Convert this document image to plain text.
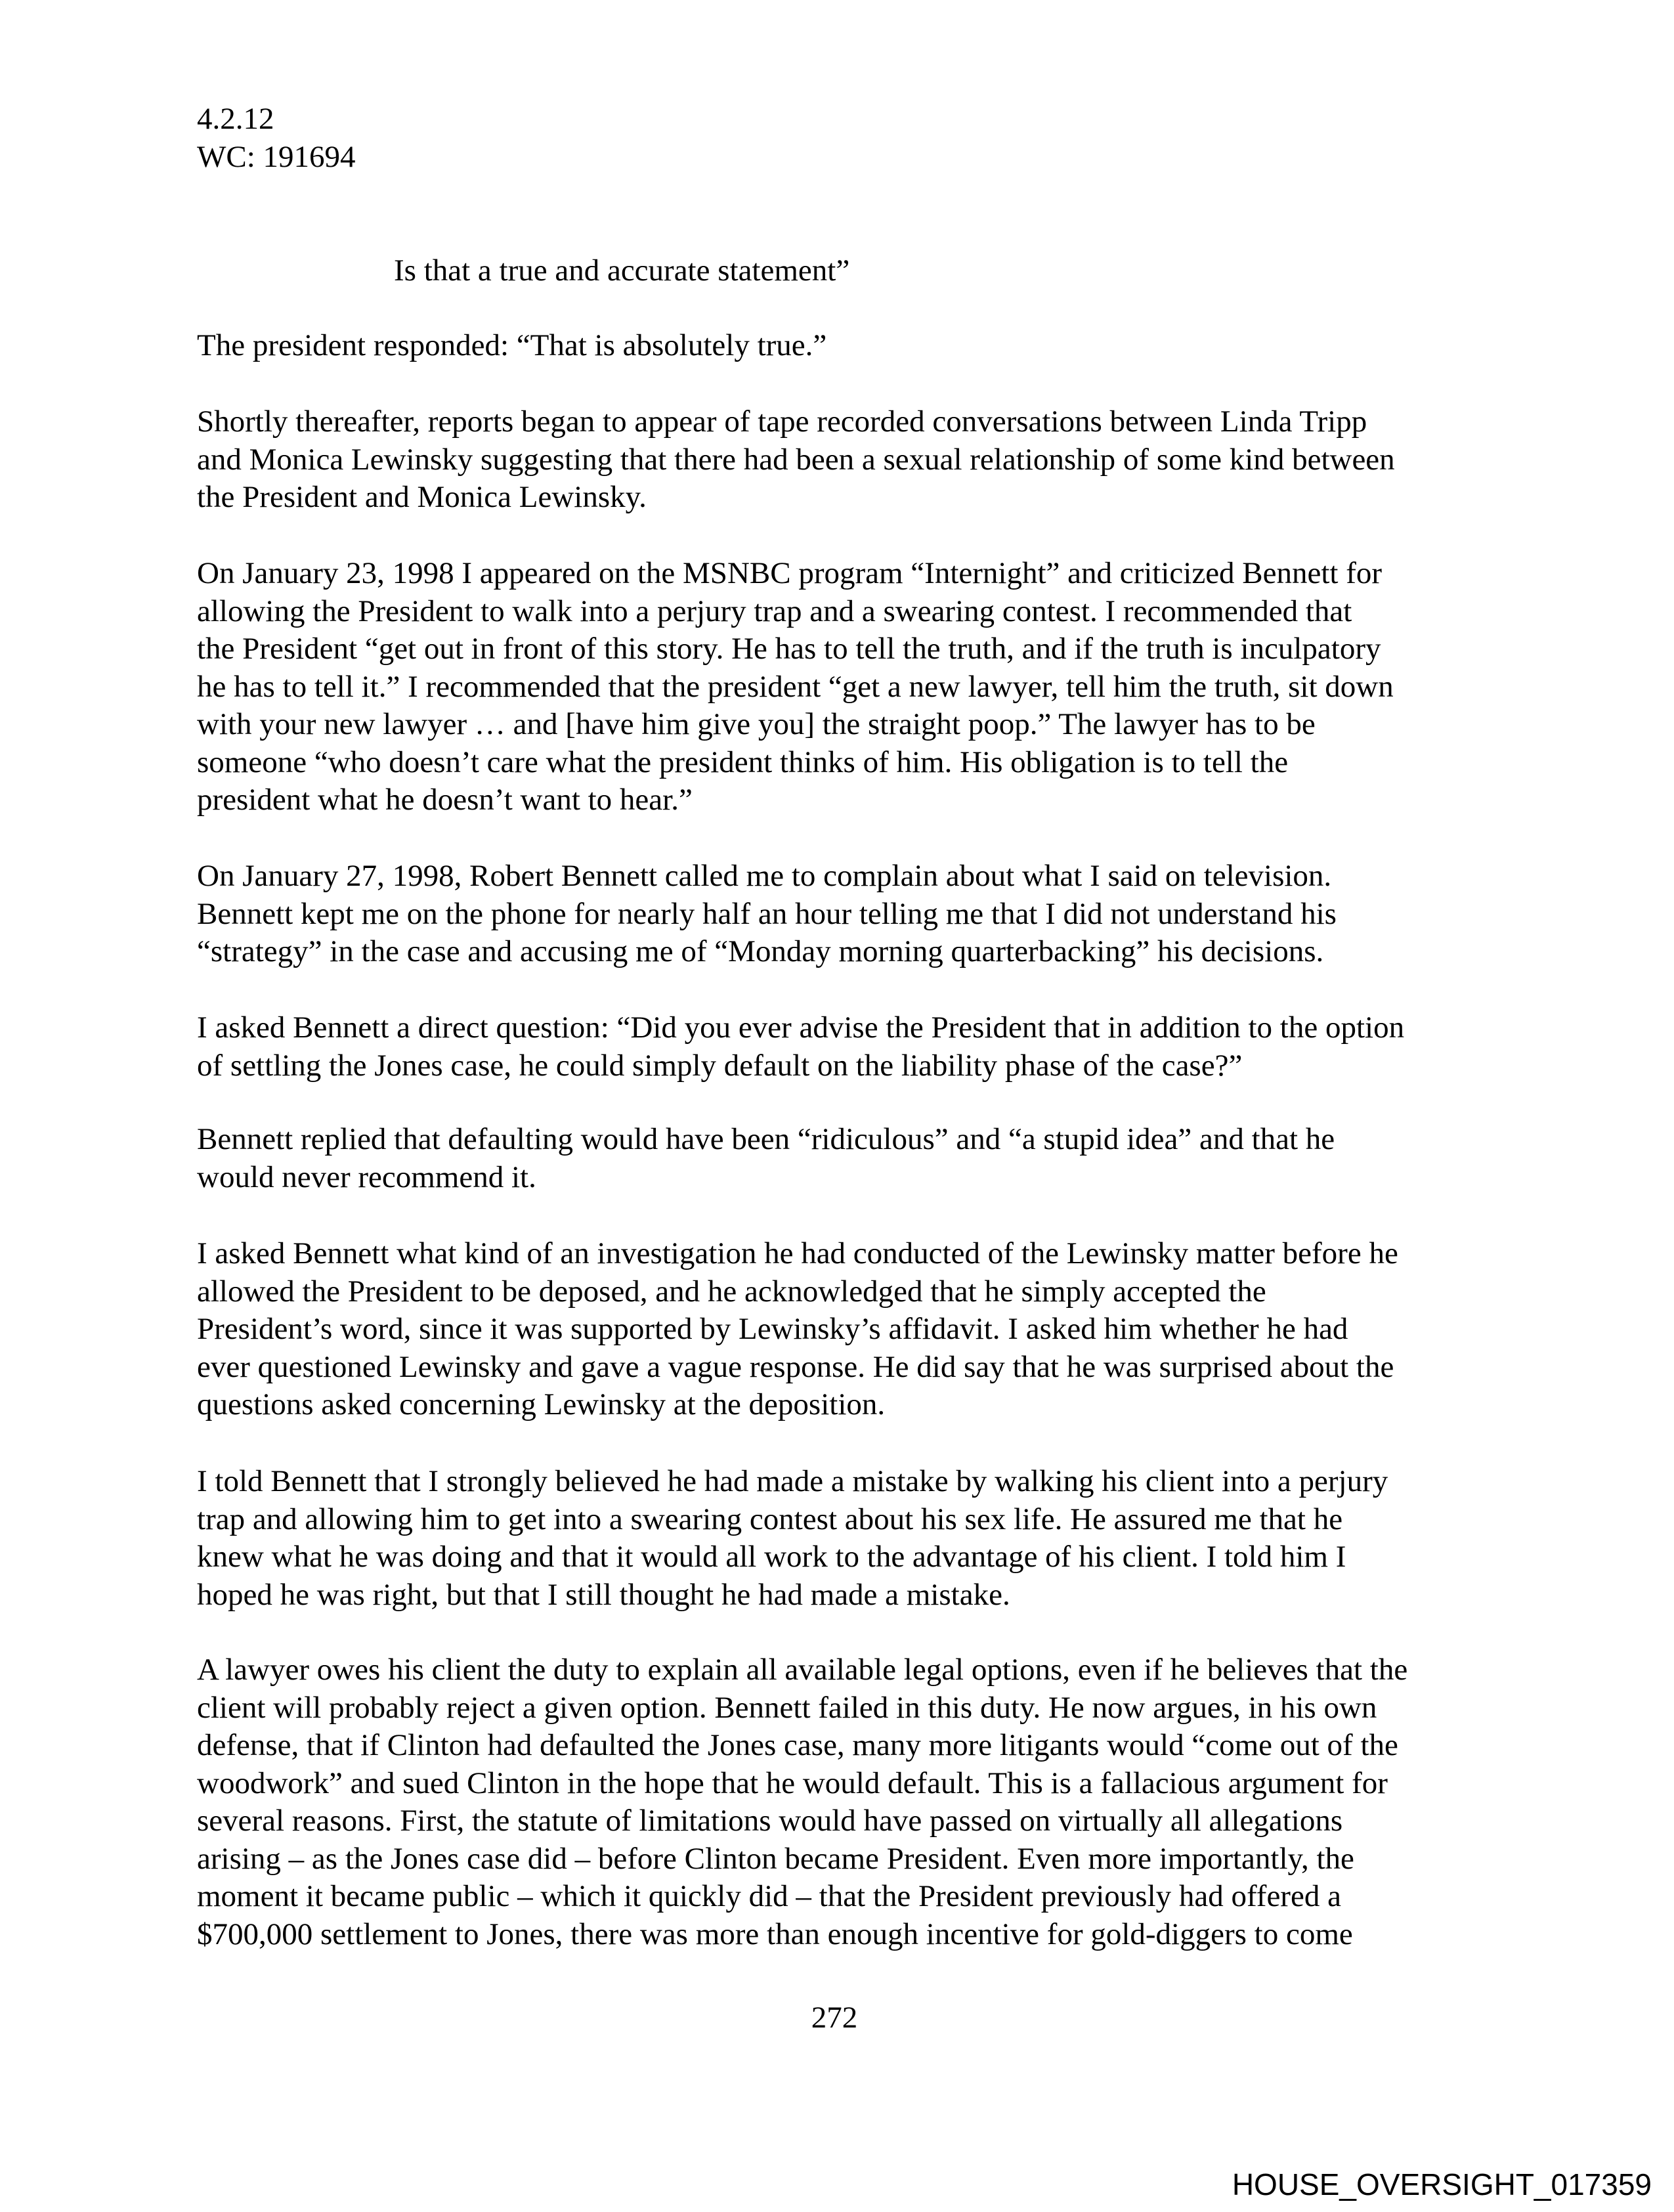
4.2.12
WC: 191694
Is that a true and accurate statement”
The president responded: “That is absolutely true.”
Shortly thereafter, reports began to appear of tape recorded conversations between Linda Tripp
and Monica Lewinsky suggesting that there had been a sexual relationship of some kind between
the President and Monica Lewinsky.
On January 23, 1998 I appeared on the MSNBC program “Internight” and criticized Bennett for
allowing the President to walk into a perjury trap and a swearing contest. I recommended that
the President “get out in front of this story. He has to tell the truth, and if the truth is inculpatory
he has to tell it.” I recommended that the president “get a new lawyer, tell him the truth, sit down
with your new lawyer … and [have him give you] the straight poop.” The lawyer has to be
someone “who doesn’t care what the president thinks of him. His obligation is to tell the
president what he doesn’t want to hear.”
On January 27, 1998, Robert Bennett called me to complain about what I said on television.
Bennett kept me on the phone for nearly half an hour telling me that I did not understand his
“strategy” in the case and accusing me of “Monday morning quarterbacking” his decisions.
I asked Bennett a direct question: “Did you ever advise the President that in addition to the option
of settling the Jones case, he could simply default on the liability phase of the case?”
Bennett replied that defaulting would have been “ridiculous” and “a stupid idea” and that he
would never recommend it.
I asked Bennett what kind of an investigation he had conducted of the Lewinsky matter before he
allowed the President to be deposed, and he acknowledged that he simply accepted the
President’s word, since it was supported by Lewinsky’s affidavit. I asked him whether he had
ever questioned Lewinsky and gave a vague response. He did say that he was surprised about the
questions asked concerning Lewinsky at the deposition.
I told Bennett that I strongly believed he had made a mistake by walking his client into a perjury
trap and allowing him to get into a swearing contest about his sex life. He assured me that he
knew what he was doing and that it would all work to the advantage of his client. I told him I
hoped he was right, but that I still thought he had made a mistake.
A lawyer owes his client the duty to explain all available legal options, even if he believes that the
client will probably reject a given option. Bennett failed in this duty. He now argues, in his own
defense, that if Clinton had defaulted the Jones case, many more litigants would “come out of the
woodwork” and sued Clinton in the hope that he would default. This is a fallacious argument for
several reasons. First, the statute of limitations would have passed on virtually all allegations
arising – as the Jones case did – before Clinton became President. Even more importantly, the
moment it became public – which it quickly did – that the President previously had offered a
$700,000 settlement to Jones, there was more than enough incentive for gold-diggers to come
272
HOUSE_OVERSIGHT_017359
